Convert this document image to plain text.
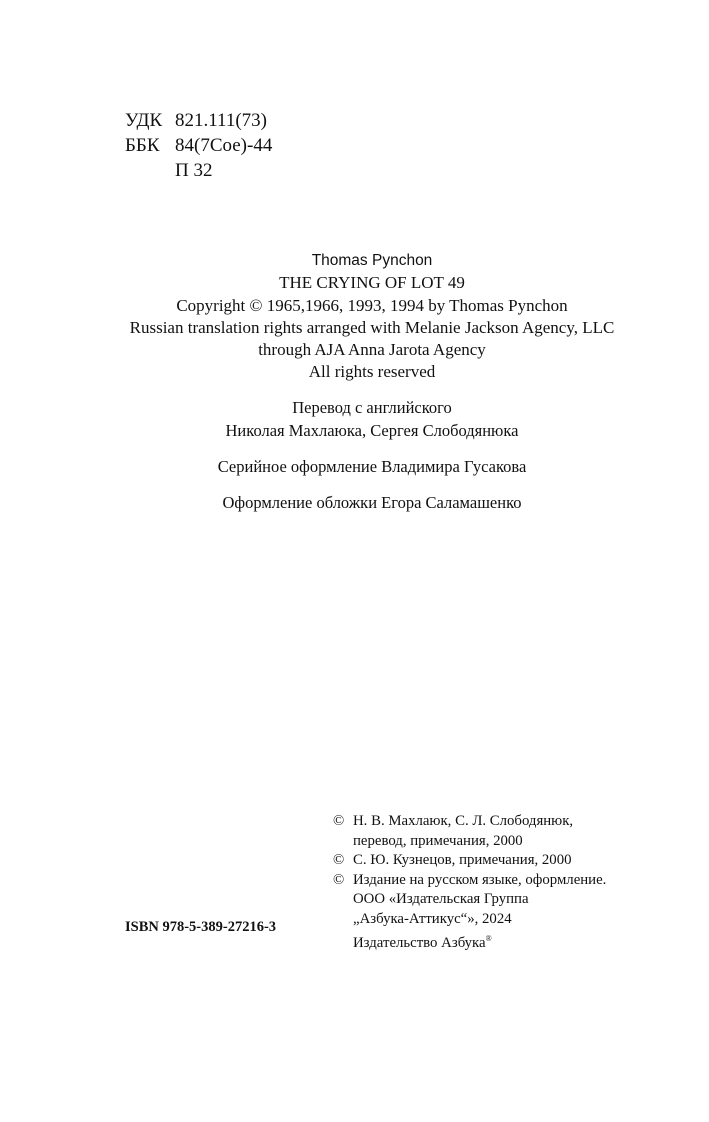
УДК 821.111(73)
ББК 84(7Сое)-44
П 32
Thomas Pynchon
THE CRYING OF LOT 49
Copyright © 1965,1966, 1993, 1994 by Thomas Pynchon
Russian translation rights arranged with Melanie Jackson Agency, LLC
through AJA Anna Jarota Agency
All rights reserved
Перевод с английского
Николая Махлаюка, Сергея Слободянюка
Серийное оформление Владимира Гусакова
Оформление обложки Егора Саламашенко
© Н. В. Махлаюк, С. Л. Слободянюк,
перевод, примечания, 2000
© С. Ю. Кузнецов, примечания, 2000
© Издание на русском языке, оформление.
ООО «Издательская Группа
„Азбука-Аттикус“», 2024
Издательство Азбука®
ISBN 978-5-389-27216-3
